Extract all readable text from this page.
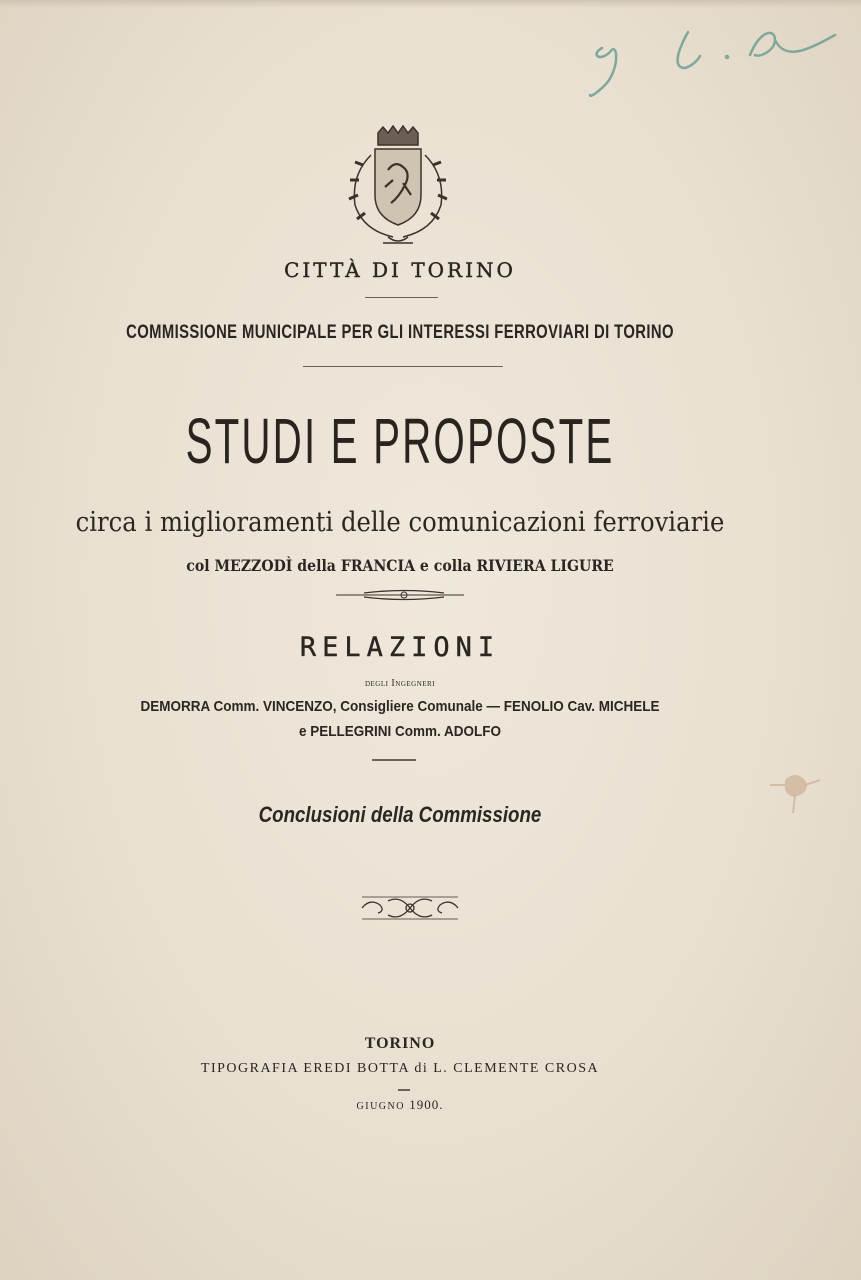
CITTÀ DI TORINO
COMMISSIONE MUNICIPALE PER GLI INTERESSI FERROVIARI DI TORINO
STUDI E PROPOSTE
circa i miglioramenti delle comunicazioni ferroviarie
col MEZZODÌ della FRANCIA e colla RIVIERA LIGURE
RELAZIONI
degli Ingegneri
DEMORRA Comm. VINCENZO, Consigliere Comunale — FENOLIO Cav. MICHELE
e PELLEGRINI Comm. ADOLFO
Conclusioni della Commissione
TORINO
TIPOGRAFIA EREDI BOTTA di L. CLEMENTE CROSA
GIUGNO 1900.
